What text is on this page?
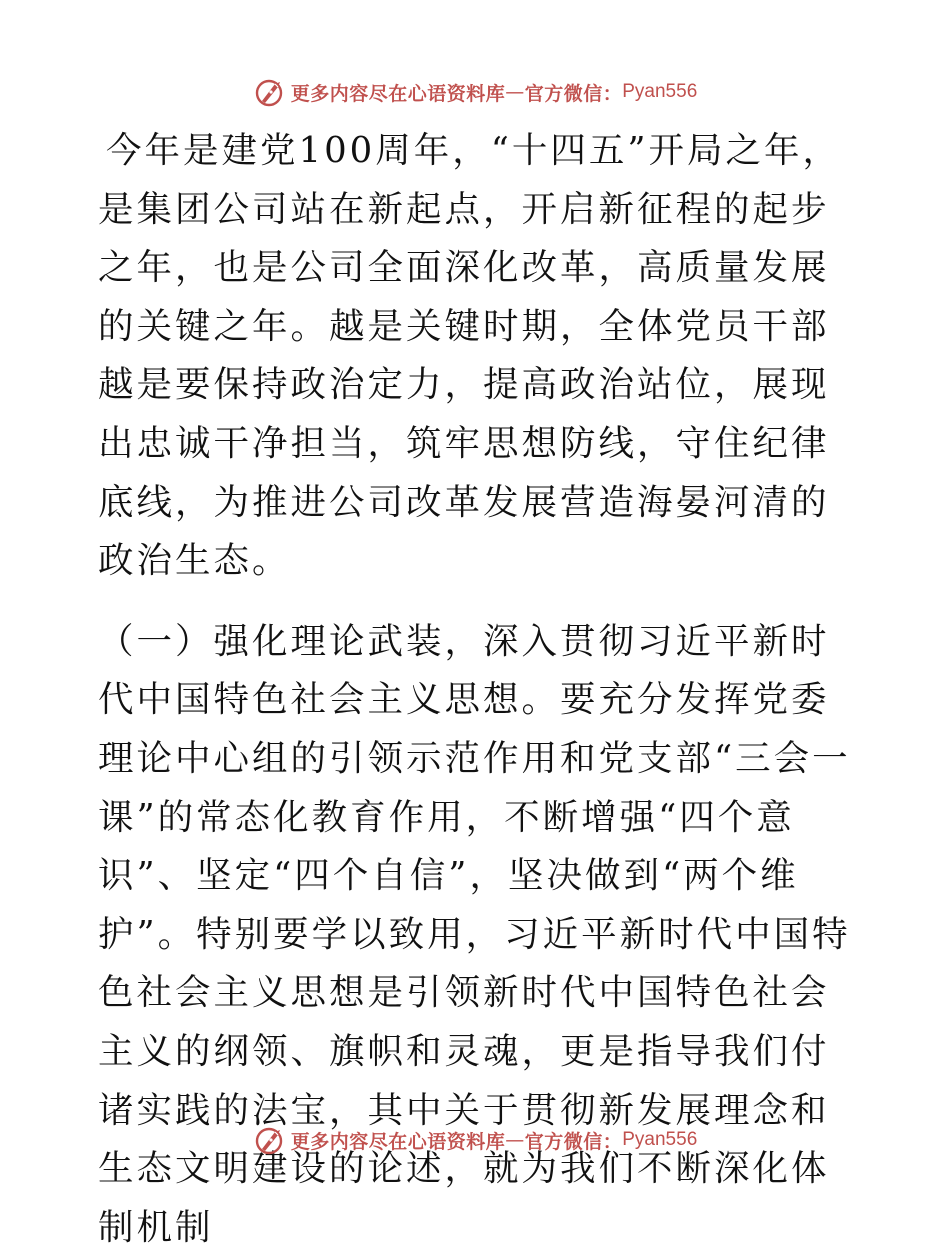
更多内容尽在心语资料库 — 官方微信： Pyan556

今年是建党100周年，“十四五”开局之年，是集团公司站在新起点，开启新征程的起步之年，也是公司全面深化改革，高质量发展的关键之年。越是关键时期，全体党员干部越是要保持政治定力，提高政治站位，展现出忠诚干净担当，筑牢思想防线，守住纪律底线，为推进公司改革发展营造海晏河清的政治生态。

（一）强化理论武装，深入贯彻习近平新时代中国特色社会主义思想。要充分发挥党委理论中心组的引领示范作用和党支部“三会一课”的常态化教育作用，不断增强“四个意识”、坚定“四个自信”，坚决做到“两个维护”。特别要学以致用，习近平新时代中国特色社会主义思想是引领新时代中国特色社会主义的纲领、旗帜和灵魂，更是指导我们付诸实践的法宝，其中关于贯彻新发展理念和生态文明建设的论述，就为我们不断深化体制机制

更多内容尽在心语资料库 — 官方微信： Pyan556
